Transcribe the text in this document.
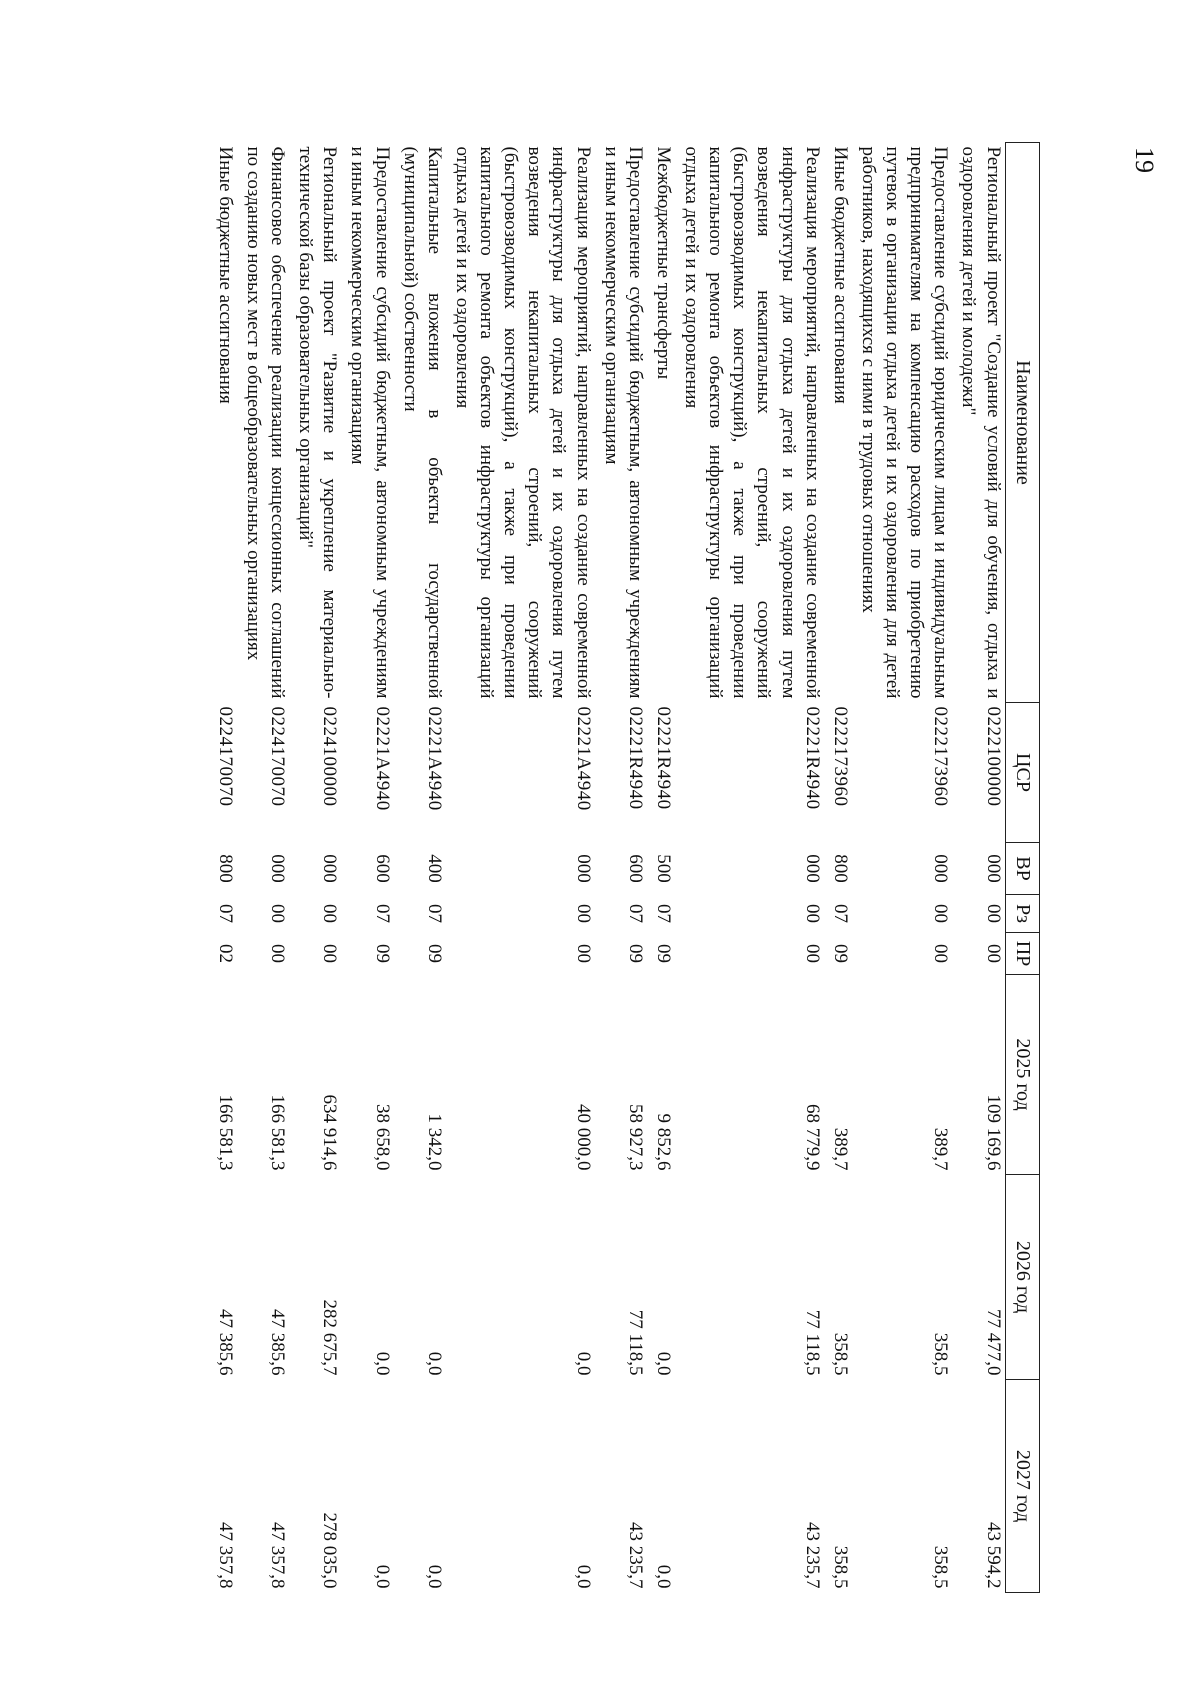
19
Наименование	ЦСР	ВР	Рз	ПР	2025 год	2026 год	2027 год
Региональный проект "Создание условий для обучения, отдыха и оздоровления детей и молодежи"	0222100000	000	00	00	109 169,6	77 477,0	43 594,2
Предоставление субсидий юридическим лицам и индивидуальным предпринимателям на компенсацию расходов по приобретению путевок в организации отдыха детей и их оздоровления для детей работников, находящихся с ними в трудовых отношениях	0222173960	000	00	00	389,7	358,5	358,5
Иные бюджетные ассигнования	0222173960	800	07	09	389,7	358,5	358,5
Реализация мероприятий, направленных на создание современной инфраструктуры для отдыха детей и их оздоровления путем возведения некапитальных строений, сооружений (быстровозводимых конструкций), а также при проведении капитального ремонта объектов инфраструктуры организаций отдыха детей и их оздоровления	02221R4940	000	00	00	68 779,9	77 118,5	43 235,7
Межбюджетные трансферты	02221R4940	500	07	09	9 852,6	0,0	0,0
Предоставление субсидий бюджетным, автономным учреждениям и иным некоммерческим организациям	02221R4940	600	07	09	58 927,3	77 118,5	43 235,7
Реализация мероприятий, направленных на создание современной инфраструктуры для отдыха детей и их оздоровления путем возведения некапитальных строений, сооружений (быстровозводимых конструкций), а также при проведении капитального ремонта объектов инфраструктуры организаций отдыха детей и их оздоровления	02221A4940	000	00	00	40 000,0	0,0	0,0
Капитальные вложения в объекты государственной (муниципальной) собственности	02221A4940	400	07	09	1 342,0	0,0	0,0
Предоставление субсидий бюджетным, автономным учреждениям и иным некоммерческим организациям	02221A4940	600	07	09	38 658,0	0,0	0,0
Региональный проект "Развитие и укрепление материально-технической базы образовательных организаций"	0224100000	000	00	00	634 914,6	282 675,7	278 035,0
Финансовое обеспечение реализации концессионных соглашений по созданию новых мест в общеобразовательных организациях	0224170070	000	00	00	166 581,3	47 385,6	47 357,8
Иные бюджетные ассигнования	0224170070	800	07	02	166 581,3	47 385,6	47 357,8
